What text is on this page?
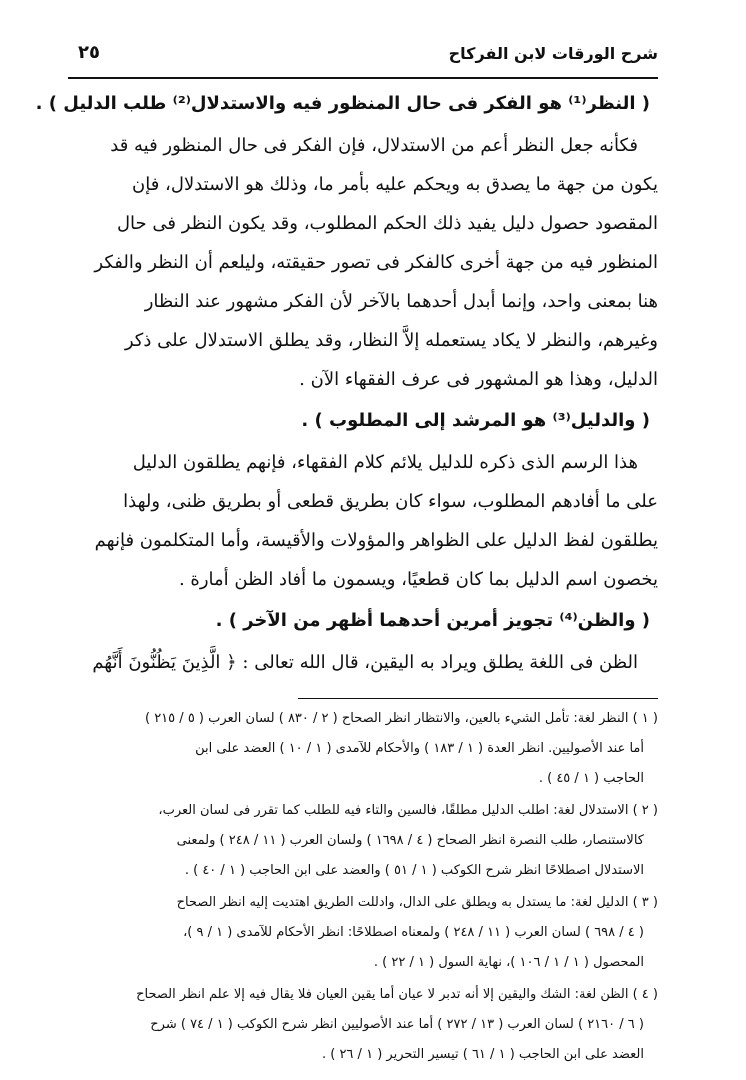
شرح الورقات لابن الفركاح
٢٥

( النظر⁽¹⁾ هو الفكر فى حال المنظور فيه والاستدلال⁽²⁾ طلب الدليل ) .

فكأنه جعل النظر أعم من الاستدلال، فإن الفكر فى حال المنظور فيه قد
يكون من جهة ما يصدق به ويحكم عليه بأمر ما، وذلك هو الاستدلال، فإن
المقصود حصول دليل يفيد ذلك الحكم المطلوب، وقد يكون النظر فى حال
المنظور فيه من جهة أخرى كالفكر فى تصور حقيقته، وليلعم أن النظر والفكر
هنا بمعنى واحد، وإنما أبدل أحدهما بالآخر لأن الفكر مشهور عند النظار
وغيرهم، والنظر لا يكاد يستعمله إلاَّ النظار، وقد يطلق الاستدلال على ذكر
الدليل، وهذا هو المشهور فى عرف الفقهاء الآن .

( والدليل⁽³⁾ هو المرشد إلى المطلوب ) .

هذا الرسم الذى ذكره للدليل يلائم كلام الفقهاء، فإنهم يطلقون الدليل
على ما أفادهم المطلوب، سواء كان بطريق قطعى أو بطريق ظنى، ولهذا
يطلقون لفظ الدليل على الظواهر والمؤولات والأقيسة، وأما المتكلمون فإنهم
يخصون اسم الدليل بما كان قطعيًا، ويسمون ما أفاد الظن أمارة .

( والظن⁽⁴⁾ تجويز أمرين أحدهما أظهر من الآخر ) .

الظن فى اللغة يطلق ويراد به اليقين، قال الله تعالى : ﴿ الَّذِينَ يَظُنُّونَ أَنَّهُم

( ١ ) النظر لغة: تأمل الشيء بالعين، والانتظار انظر الصحاح ( ٢ / ٨٣٠ ) لسان العرب ( ٥ / ٢١٥ )
أما عند الأصوليين. انظر العدة ( ١ / ١٨٣ ) والأحكام للآمدى ( ١ / ١٠ ) العضد على ابن
الحاجب ( ١ / ٤٥ ) .

( ٢ ) الاستدلال لغة: اطلب الدليل مطلقًا، فالسين والتاء فيه للطلب كما تقرر فى لسان العرب،
كالاستنصار، طلب النصرة انظر الصحاح ( ٤ / ١٦٩٨ ) ولسان العرب ( ١١ / ٢٤٨ ) ولمعنى
الاستدلال اصطلاحًا انظر شرح الكوكب ( ١ / ٥١ ) والعضد على ابن الحاجب ( ١ / ٤٠ ) .

( ٣ ) الدليل لغة: ما يستدل به ويطلق على الدال، وادللت الطريق اهتديت إليه انظر الصحاح
( ٤ / ٦٩٨ ) لسان العرب ( ١١ / ٢٤٨ ) ولمعناه اصطلاحًا: انظر الأحكام للآمدى ( ١ / ٩ )،
المحصول ( ١ / ١ / ١٠٦ )، نهاية السول ( ١ / ٢٢ ) .

( ٤ ) الظن لغة: الشك واليقين إلا أنه تدبر لا عيان أما يقين العيان فلا يقال فيه إلا علم انظر الصحاح
( ٦ / ٢١٦٠ ) لسان العرب ( ١٣ / ٢٧٢ ) أما عند الأصوليين انظر شرح الكوكب ( ١ / ٧٤ ) شرح
العضد على ابن الحاجب ( ١ / ٦١ ) تيسير التحرير ( ١ / ٢٦ ) .
